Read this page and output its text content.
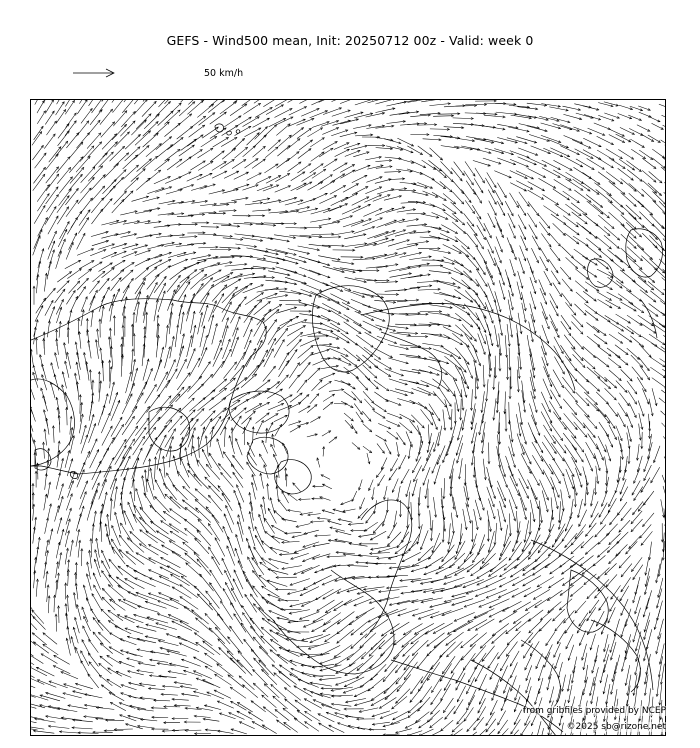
GEFS - Wind500 mean, Init: 20250712 00z - Valid: week 0
50 km/h
from gribfiles provided by NCEP
©2025 sb@rizone.net
